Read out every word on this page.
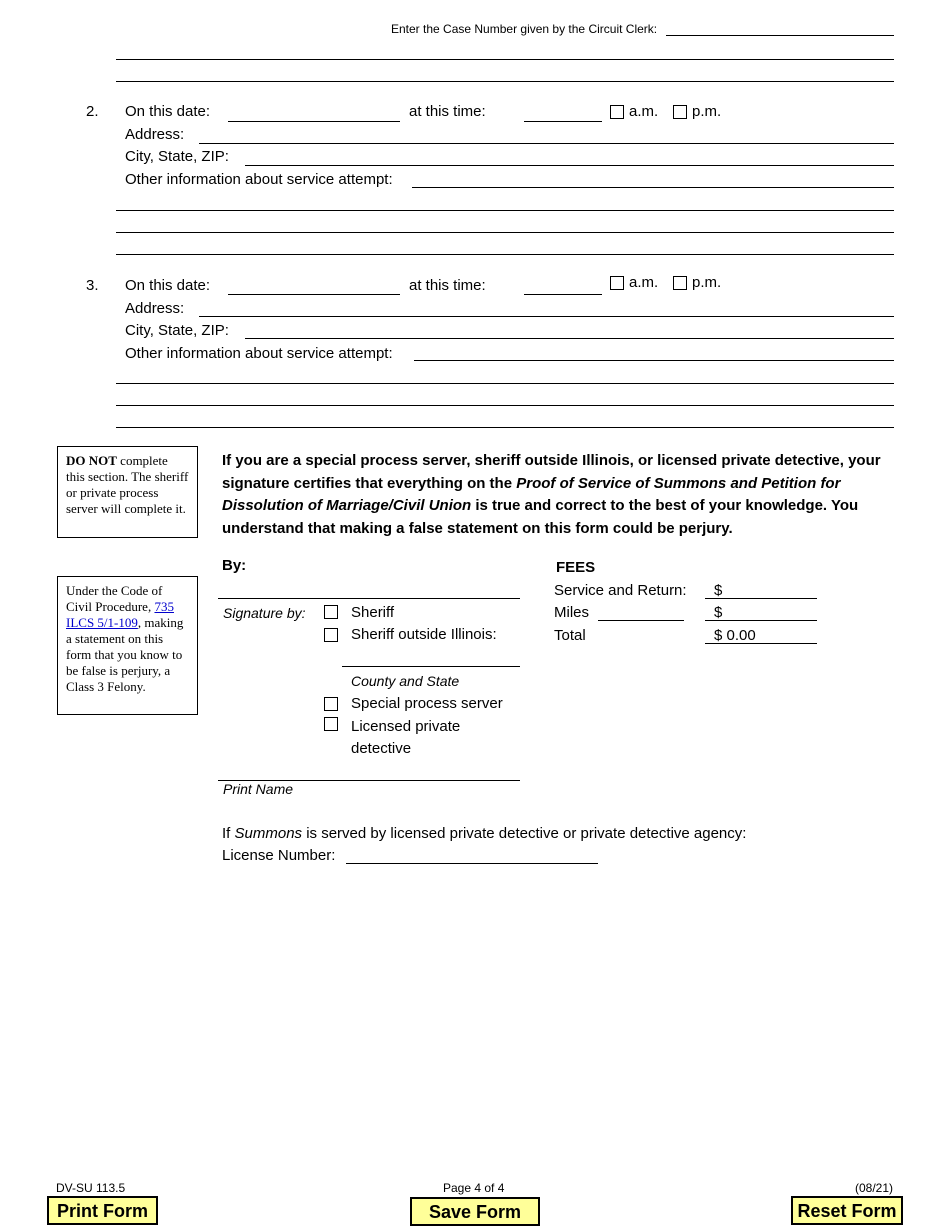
Enter the Case Number given by the Circuit Clerk:
2. On this date:	at this time:	a.m. p.m.
Address:
City, State, ZIP:
Other information about service attempt:
3. On this date:	at this time:	a.m. p.m.
Address:
City, State, ZIP:
Other information about service attempt:
DO NOT complete this section. The sheriff or private process server will complete it.
Under the Code of Civil Procedure, 735 ILCS 5/1-109, making a statement on this form that you know to be false is perjury, a Class 3 Felony.
If you are a special process server, sheriff outside Illinois, or licensed private detective, your signature certifies that everything on the Proof of Service of Summons and Petition for Dissolution of Marriage/Civil Union is true and correct to the best of your knowledge. You understand that making a false statement on this form could be perjury.
By:
Signature by:	Sheriff
Sheriff outside Illinois:
County and State
Special process server
Licensed private
detective
Print Name
FEES
Service and Return: $
Miles	$
Total	$ 0.00
If Summons is served by licensed private detective or private detective agency:
License Number:
DV-SU 113.5	Page 4 of 4	(08/21)
Print Form	Save Form	Reset Form
